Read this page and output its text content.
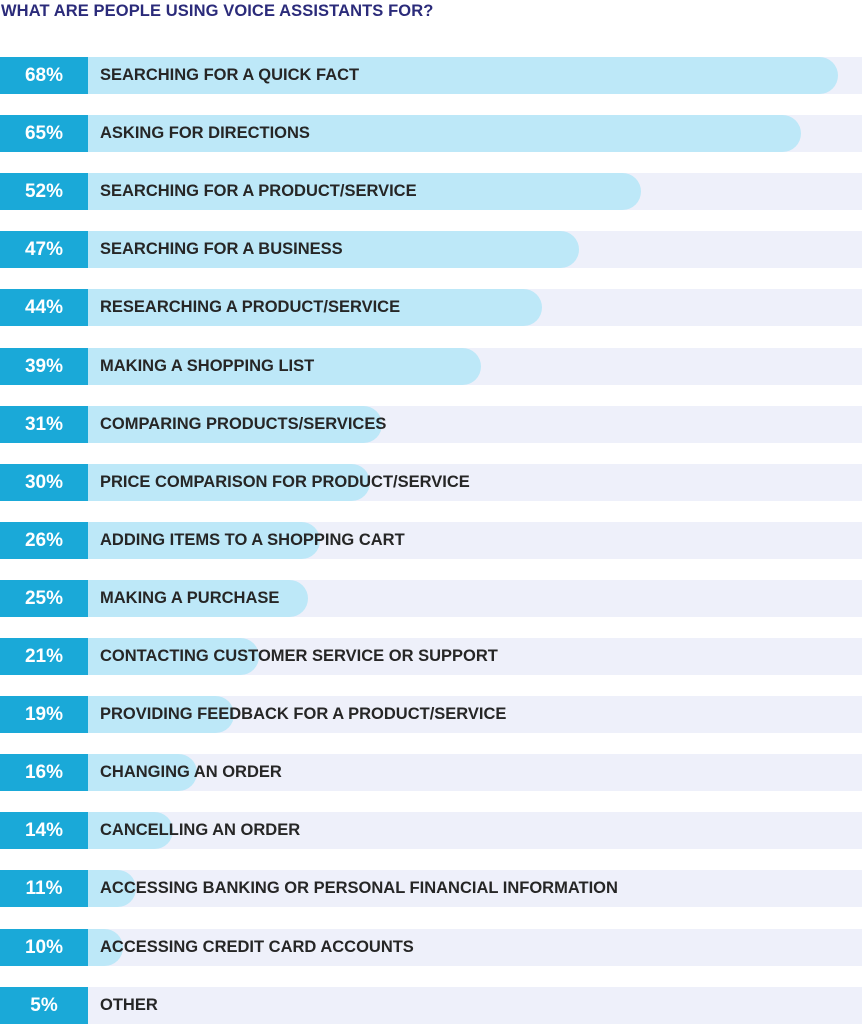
WHAT ARE PEOPLE USING VOICE ASSISTANTS FOR?
68%	SEARCHING FOR A QUICK FACT
65%	ASKING FOR DIRECTIONS
52%	SEARCHING FOR A PRODUCT/SERVICE
47%	SEARCHING FOR A BUSINESS
44%	RESEARCHING A PRODUCT/SERVICE
39%	MAKING A SHOPPING LIST
31%	COMPARING PRODUCTS/SERVICES
30%	PRICE COMPARISON FOR PRODUCT/SERVICE
26%	ADDING ITEMS TO A SHOPPING CART
25%	MAKING A PURCHASE
21%	CONTACTING CUSTOMER SERVICE OR SUPPORT
19%	PROVIDING FEEDBACK FOR A PRODUCT/SERVICE
16%	CHANGING AN ORDER
14%	CANCELLING AN ORDER
11%	ACCESSING BANKING OR PERSONAL FINANCIAL INFORMATION
10%	ACCESSING CREDIT CARD ACCOUNTS
5%	OTHER
